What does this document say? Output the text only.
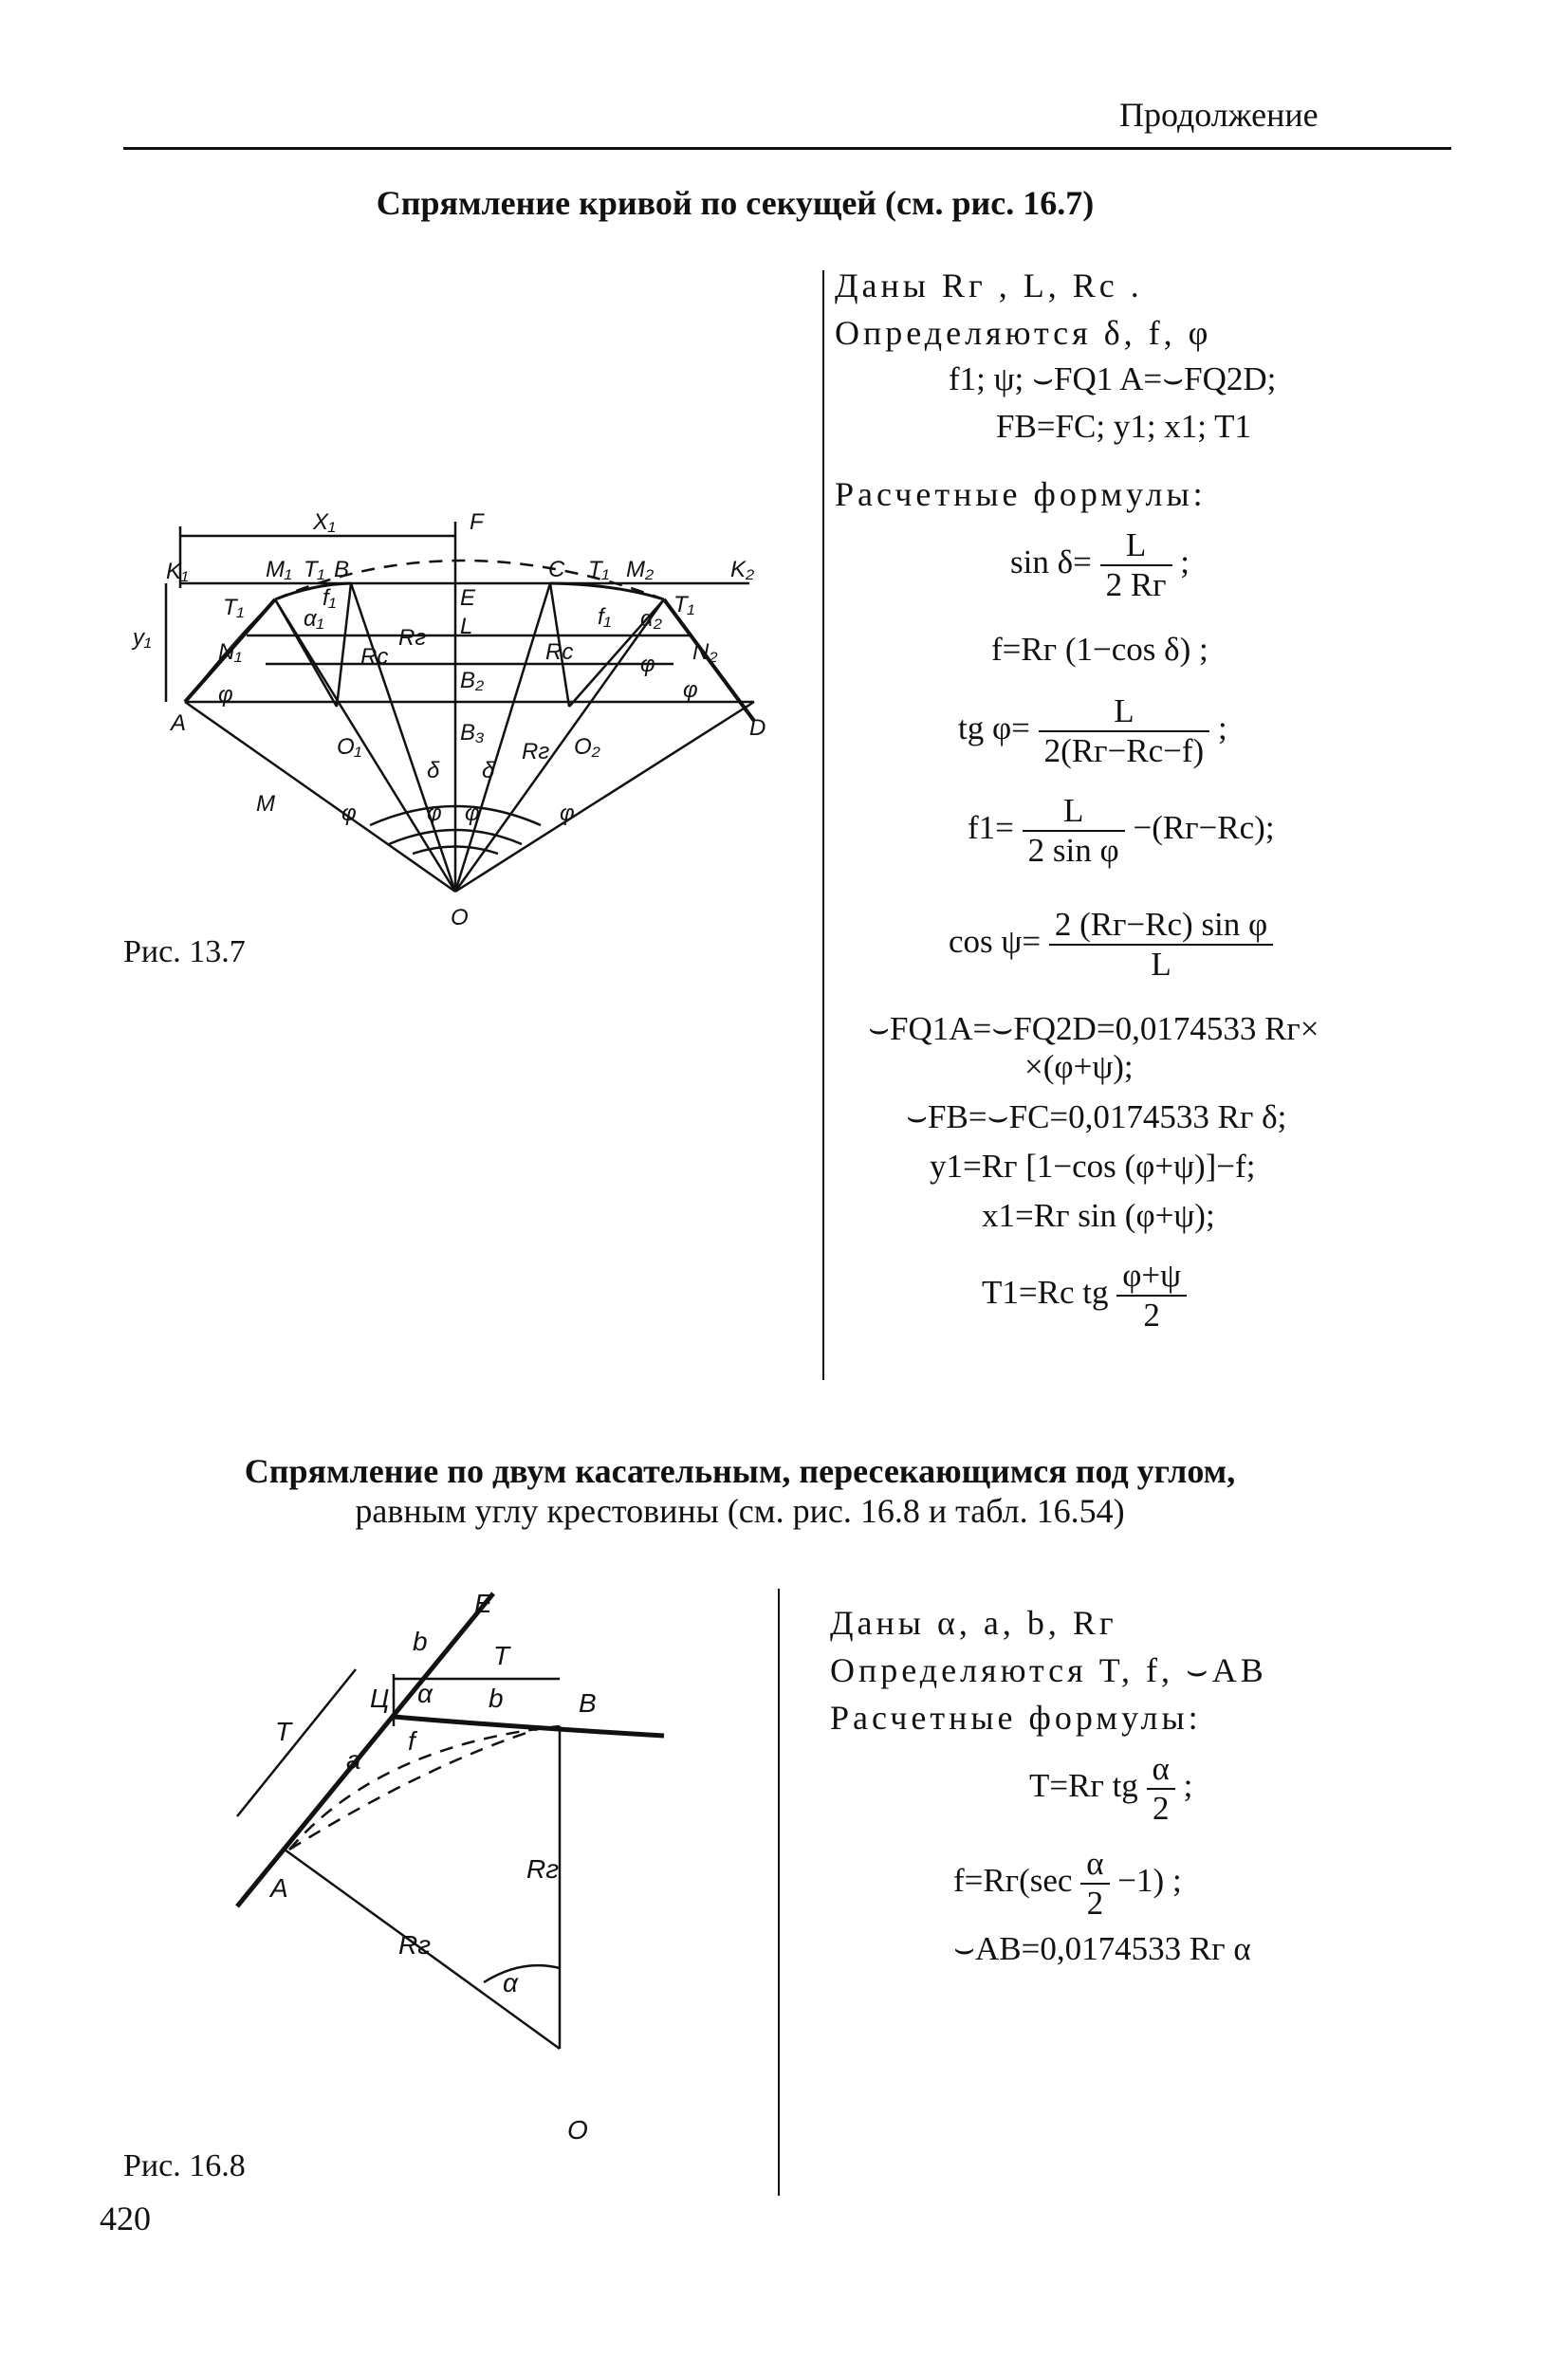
Продолжение
Спрямление кривой по секущей (см. рис. 16.7)
X₁	F
K₁	M₁ T₁ B	C T₁ M₂	K₂
E
L
y₁
T₁	f₁
α₁
N₁
A
B₂
O₁
B₃
δ δ
O₂
N₂
D
φ	φ
φ	φ φ	φ
M
O
Rc
Rг
Rc
Rг
f₁ α₂
T₁
φ
Рис. 13.7
Даны Rг , L, Rc .
Определяются δ, f, φ
f1; ψ; ⌣FQ1 A=⌣FQ2D;
FB=FC; y1; x1; T1
Расчетные формулы:
$\sin \delta= \frac{L}{2 Rг}$ ;
f=Rг (1−cos δ) ;
tg $\varphi= \frac{L}{2(Rг-Rc-f)}$ ;
$f1= \frac{L}{\text{2 sin φ}} -(Rг-Rc)$;
$\cos \psi= \frac{\text{2 (Rг−Rc) sin φ}}{L}$
⌣FQ1A=⌣FQ2D=0,0174533 Rг×
×(φ+ψ);
⌣FB=⌣FC=0,0174533 Rг δ;
y1=Rг [1−cos (φ+ψ)]−f;
x1=Rг sin (φ+ψ);
T1=Rc tg $\frac{\varphi+\psi}{2}$
Спрямление по двум касательным, пересекающимся под углом,
равным углу крестовины (см. рис. 16.8 и табл. 16.54)
E
b T
Ц α b	B
a
f
T
A
Rг
Rг
α
O
Рис. 16.8
420
Даны α, a, b, Rг
Определяются T, f, ⌣AB
Расчетные формулы:
T=Rг tg $\frac{\alpha}{2}$ ;
$f=Rг(\sec \frac{\alpha}{2} -1)$ ;
⌣AB=0,0174533 Rг α
